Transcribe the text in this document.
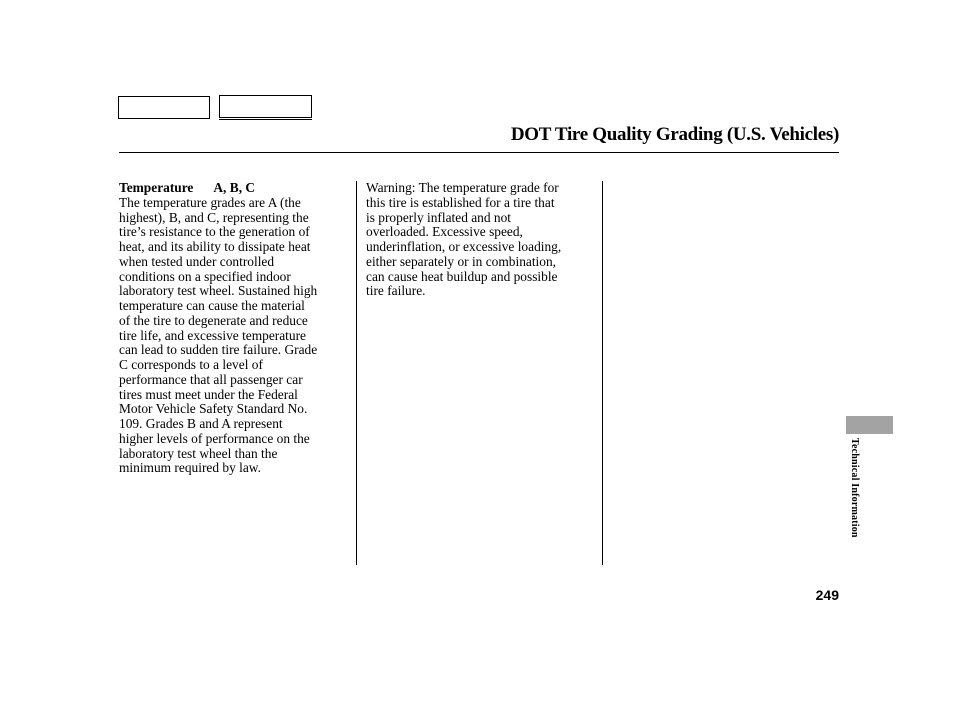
DOT Tire Quality Grading (U.S. Vehicles)
Temperature A, B, C
The temperature grades are A (the
highest), B, and C, representing the
tire’s resistance to the generation of
heat, and its ability to dissipate heat
when tested under controlled
conditions on a specified indoor
laboratory test wheel. Sustained high
temperature can cause the material
of the tire to degenerate and reduce
tire life, and excessive temperature
can lead to sudden tire failure. Grade
C corresponds to a level of
performance that all passenger car
tires must meet under the Federal
Motor Vehicle Safety Standard No.
109. Grades B and A represent
higher levels of performance on the
laboratory test wheel than the
minimum required by law.
Warning: The temperature grade for
this tire is established for a tire that
is properly inflated and not
overloaded. Excessive speed,
underinflation, or excessive loading,
either separately or in combination,
can cause heat buildup and possible
tire failure.
Technical Information
249
